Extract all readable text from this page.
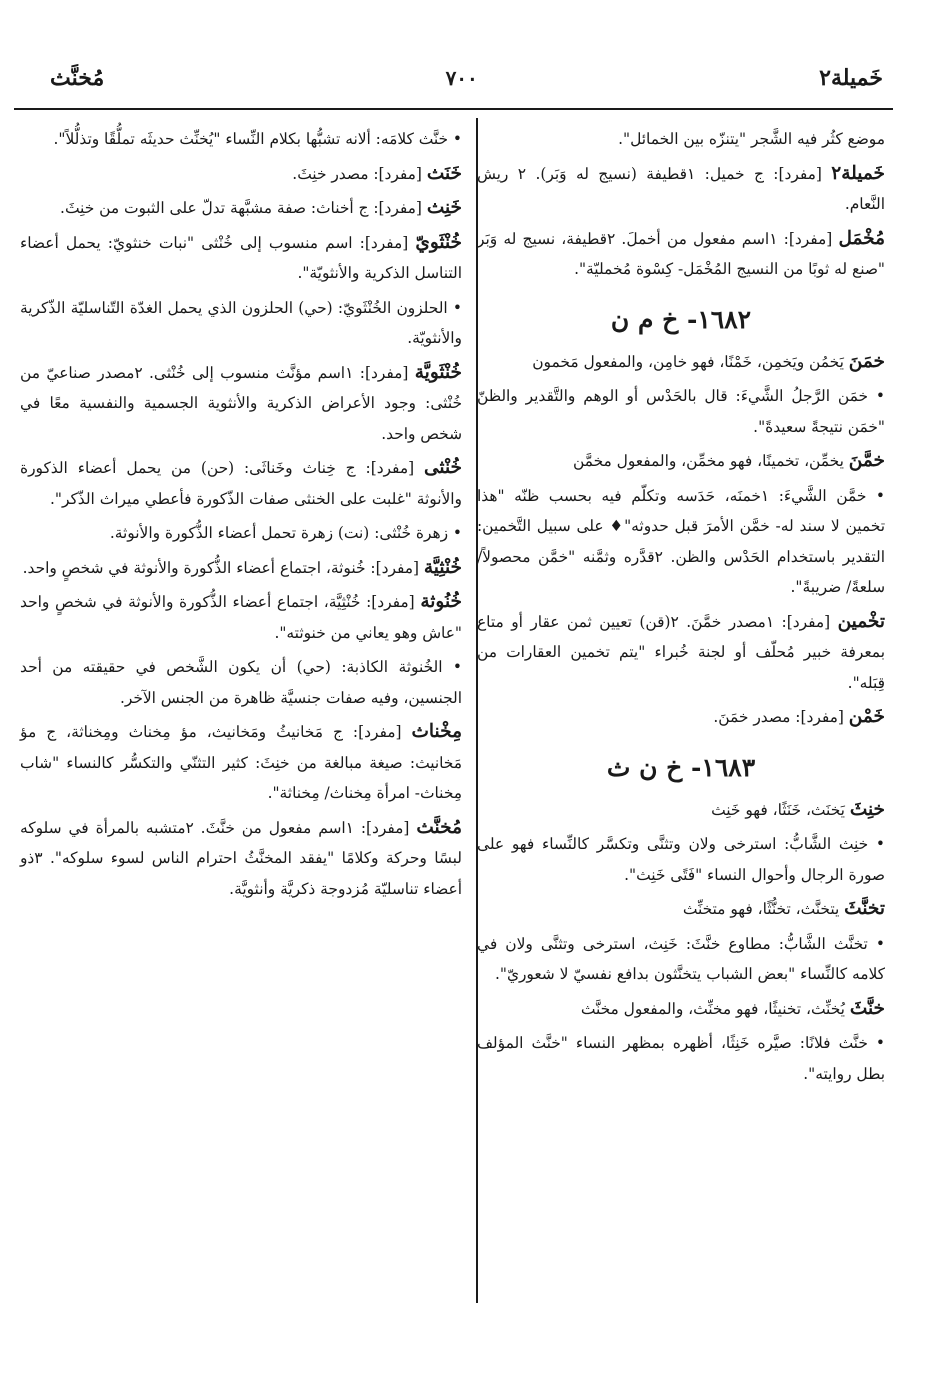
خَميلة٢
٧٠٠
مُخنَّث

موضع كثُر فيه الشَّجر "يتنزّه بين الخمائل".

خَميلة٢ [مفرد]: ج خميل: ١قطيفة (نسيج له وَبَر). ٢ ريش النَّعام.

مُخْمَل [مفرد]: ١اسم مفعول من أخملَ. ٢قطيفة، نسيج له وَبَر "صنع له ثوبًا من النسيج المُخْمَل- كِسْوة مُخمليّة".

١٦٨٢- خ م ن

خمَنَ يَخمُن ويَخمِن، خَمْنًا، فهو خامِن، والمفعول مَخمون

• خمَن الرَّجلُ الشَّيءَ: قال بالحَدْس أو الوهم والتَّقدير والظنّ "خمَن نتيجةً سعيدةً".

خمَّنَ يخمِّن، تخمينًا، فهو مخمِّن، والمفعول مخمَّن

• خمَّن الشَّيءَ: ١خمنَه، حَدَسه وتكلّم فيه بحسب ظنّه "هذا تخمين لا سند له- خمَّن الأمرَ قبل حدوثه"♦ على سبيل التَّخمين: التقدير باستخدام الحَدْس والظن. ٢قدَّره وثمَّنه "خمَّن محصولاً/ سلعةً/ ضريبةً".

تخْمين [مفرد]: ١مصدر خمَّنَ. ٢(قن) تعيين ثمن عقار أو متاع بمعرفة خبير مُحلّف أو لجنة خُبراء "يتم تخمين العقارات من قِبَله".

خَمْن [مفرد]: مصدر خمَنَ.

١٦٨٣- خ ن ث

خنِثَ يَخنَث، خَنَثًا، فهو خَنِث

• خنِث الشَّابُّ: استرخى ولان وتثنَّى وتكسَّر كالنِّساء فهو على صورة الرجال وأحوال النساء "فَتًى خَنِث".

تخنَّثَ يتخنَّث، تخنُّثًا، فهو متخنِّث

• تخنَّث الشَّابُّ: مطاوع خنَّثَ: خَنِث، استرخى وتثنَّى ولان في كلامه كالنِّساء "بعض الشباب يتخنَّثون بدافع نفسيّ لا شعوريّ".

خنَّثَ يُخنِّث، تخنيثًا، فهو مخنِّث، والمفعول مخنَّث

• خنَّث فلانًا: صيَّره خَنِثًا، أظهره بمظهر النساء "خنَّث المؤلف بطل روايته".

• خنَّث كلامَه: ألانه تشبُّها بكلام النِّساء "يُخنِّث حديثَه تملُّقًا وتذلُّلاً".

خَنَث [مفرد]: مصدر خنِثَ.

خَنِث [مفرد]: ج أخناث: صفة مشبَّهة تدلّ على الثبوت من خنِثَ.

خُنْثَويّ [مفرد]: اسم منسوب إلى خُنْثى "نبات خنثويّ: يحمل أعضاء التناسل الذكرية والأنثويّة".

• الحلزون الخُنْثَويّ: (حي) الحلزون الذي يحمل الغدّة التّناسليّة الذّكرية والأنثويّة.

خُنْثَويَّة [مفرد]: ١اسم مؤنَّث منسوب إلى خُنْثى. ٢مصدر صناعيّ من خُنْثى: وجود الأعراض الذكرية والأنثوية الجسمية والنفسية معًا في شخص واحد.

خُنْثى [مفرد]: ج خِناث وخَناثَى: (حن) من يحمل أعضاء الذكورة والأنوثة "غلبت على الخنثى صفات الذّكورة فأعطي ميراث الذّكر".

• زهرة خُنْثى: (نت) زهرة تحمل أعضاء الذُّكورة والأنوثة.

خُنْثِيَّة [مفرد]: خُنوثة، اجتماع أعضاء الذُّكورة والأنوثة في شخصٍ واحد.

خُنُوثة [مفرد]: خُنْثِيَّة، اجتماع أعضاء الذُّكورة والأنوثة في شخصٍ واحد "عاش وهو يعاني من خنوثته".

• الخُنوثة الكاذبة: (حي) أن يكون الشَّخص في حقيقته من أحد الجنسين، وفيه صفات جنسيَّة ظاهرة من الجنس الآخر.

مِخْناث [مفرد]: ج مَخانيثُ ومَخانيث، مؤ مِخناث ومِخناثة، ج مؤ مَخانيث: صيغة مبالغة من خنِثَ: كثير التثنّي والتكسُّر كالنساء "شاب مِخناث- امرأة مِخناث/ مِخناثة".

مُخنَّث [مفرد]: ١اسم مفعول من خنَّثَ. ٢متشبه بالمرأة في سلوكه لبسًا وحركة وكلامًا "يفقد المخنَّثُ احترام الناس لسوء سلوكه". ٣ذو أعضاء تناسليّة مُزدوجة ذكريَّة وأنثويَّة.
